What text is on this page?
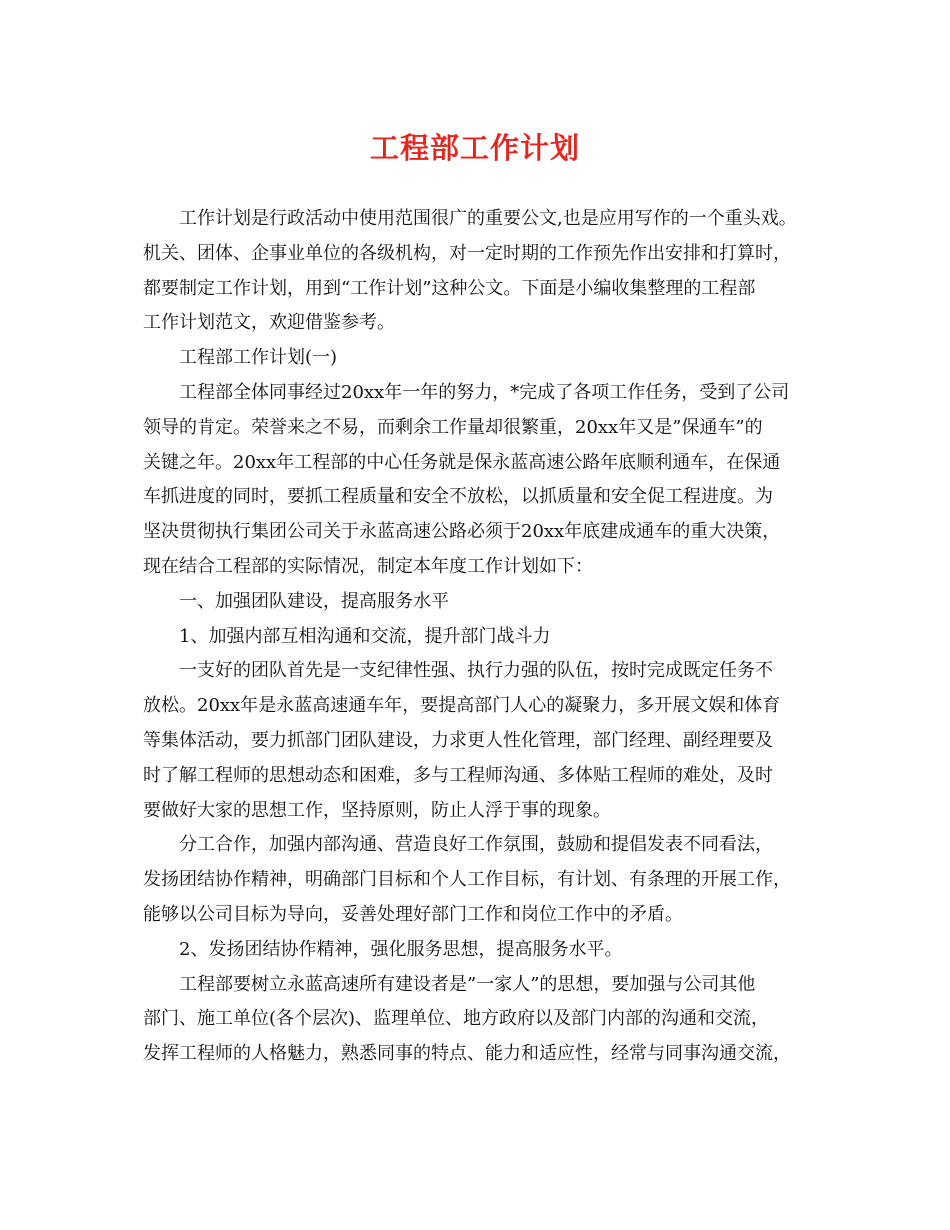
工程部工作计划
工作计划是行政活动中使用范围很广的重要公文,也是应用写作的一个重头戏。
机关、团体、企事业单位的各级机构，对一定时期的工作预先作出安排和打算时，
都要制定工作计划，用到“工作计划”这种公文。下面是小编收集整理的工程部
工作计划范文，欢迎借鉴参考。
工程部工作计划(一)
工程部全体同事经过20xx年一年的努力，*完成了各项工作任务，受到了公司
领导的肯定。荣誉来之不易，而剩余工作量却很繁重，20xx年又是”保通车”的
关键之年。20xx年工程部的中心任务就是保永蓝高速公路年底顺利通车，在保通
车抓进度的同时，要抓工程质量和安全不放松，以抓质量和安全促工程进度。为
坚决贯彻执行集团公司关于永蓝高速公路必须于20xx年底建成通车的重大决策，
现在结合工程部的实际情况，制定本年度工作计划如下：
一、加强团队建设，提高服务水平
1、加强内部互相沟通和交流，提升部门战斗力
一支好的团队首先是一支纪律性强、执行力强的队伍，按时完成既定任务不
放松。20xx年是永蓝高速通车年，要提高部门人心的凝聚力，多开展文娱和体育
等集体活动，要力抓部门团队建设，力求更人性化管理，部门经理、副经理要及
时了解工程师的思想动态和困难，多与工程师沟通、多体贴工程师的难处，及时
要做好大家的思想工作，坚持原则，防止人浮于事的现象。
分工合作，加强内部沟通、营造良好工作氛围，鼓励和提倡发表不同看法，
发扬团结协作精神，明确部门目标和个人工作目标，有计划、有条理的开展工作，
能够以公司目标为导向，妥善处理好部门工作和岗位工作中的矛盾。
2、发扬团结协作精神，强化服务思想，提高服务水平。
工程部要树立永蓝高速所有建设者是”一家人”的思想，要加强与公司其他
部门、施工单位(各个层次)、监理单位、地方政府以及部门内部的沟通和交流，
发挥工程师的人格魅力，熟悉同事的特点、能力和适应性，经常与同事沟通交流，
